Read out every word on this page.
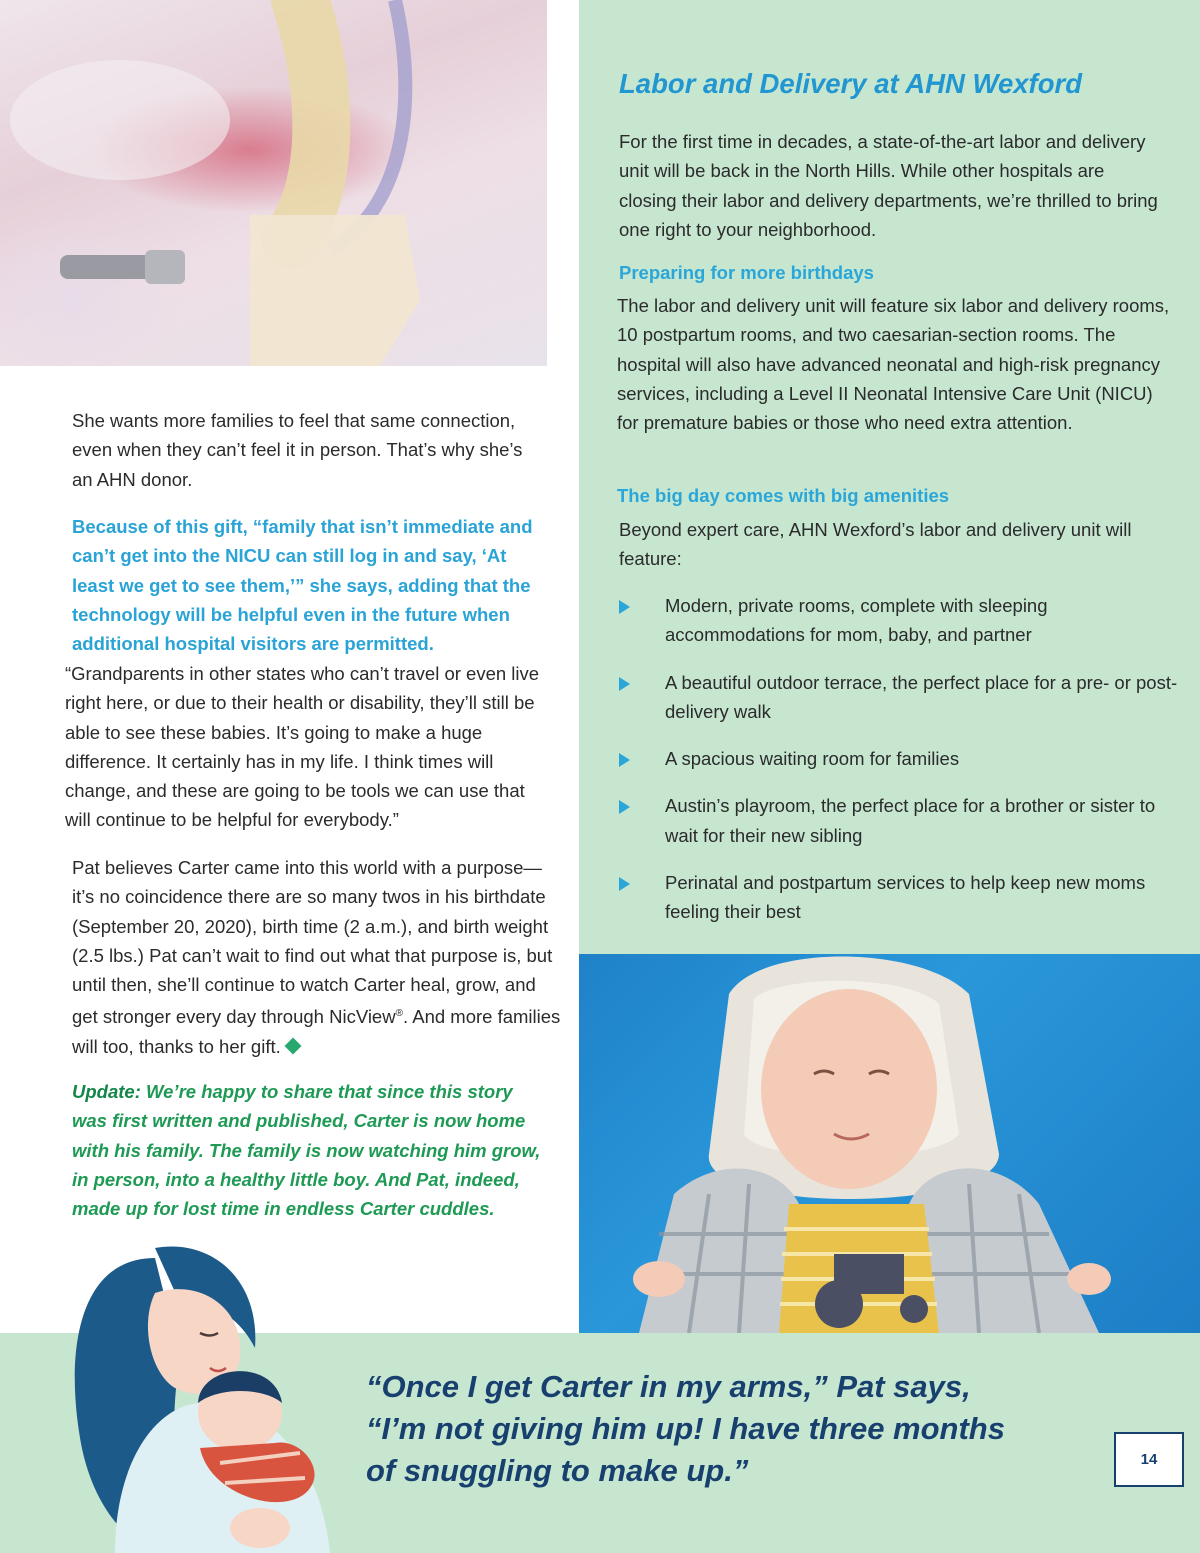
Labor and Delivery at AHN Wexford

For the first time in decades, a state-of-the-art labor and delivery unit will be back in the North Hills. While other hospitals are closing their labor and delivery departments, we’re thrilled to bring one right to your neighborhood.

Preparing for more birthdays

The labor and delivery unit will feature six labor and delivery rooms, 10 postpartum rooms, and two caesarian-section rooms. The hospital will also have advanced neonatal and high-risk pregnancy services, including a Level II Neonatal Intensive Care Unit (NICU) for premature babies or those who need extra attention.

The big day comes with big amenities

Beyond expert care, AHN Wexford’s labor and delivery unit will feature:

Modern, private rooms, complete with sleeping accommodations for mom, baby, and partner
A beautiful outdoor terrace, the perfect place for a pre- or post-delivery walk
A spacious waiting room for families
Austin’s playroom, the perfect place for a brother or sister to wait for their new sibling
Perinatal and postpartum services to help keep new moms feeling their best

She wants more families to feel that same connection, even when they can’t feel it in person. That’s why she’s an AHN donor.

Because of this gift, “family that isn’t immediate and can’t get into the NICU can still log in and say, ‘At least we get to see them,’” she says, adding that the technology will be helpful even in the future when additional hospital visitors are permitted.

“Grandparents in other states who can’t travel or even live right here, or due to their health or disability, they’ll still be able to see these babies. It’s going to make a huge difference. It certainly has in my life. I think times will change, and these are going to be tools we can use that will continue to be helpful for everybody.”

Pat believes Carter came into this world with a purpose—it’s no coincidence there are so many twos in his birthdate (September 20, 2020), birth time (2 a.m.), and birth weight (2.5 lbs.) Pat can’t wait to find out what that purpose is, but until then, she’ll continue to watch Carter heal, grow, and get stronger every day through NicView®. And more families will too, thanks to her gift.

Update: We’re happy to share that since this story was first written and published, Carter is now home with his family. The family is now watching him grow, in person, into a healthy little boy. And Pat, indeed, made up for lost time in endless Carter cuddles.

“Once I get Carter in my arms,” Pat says,
“I’m not giving him up! I have three months
of snuggling to make up.”	14
